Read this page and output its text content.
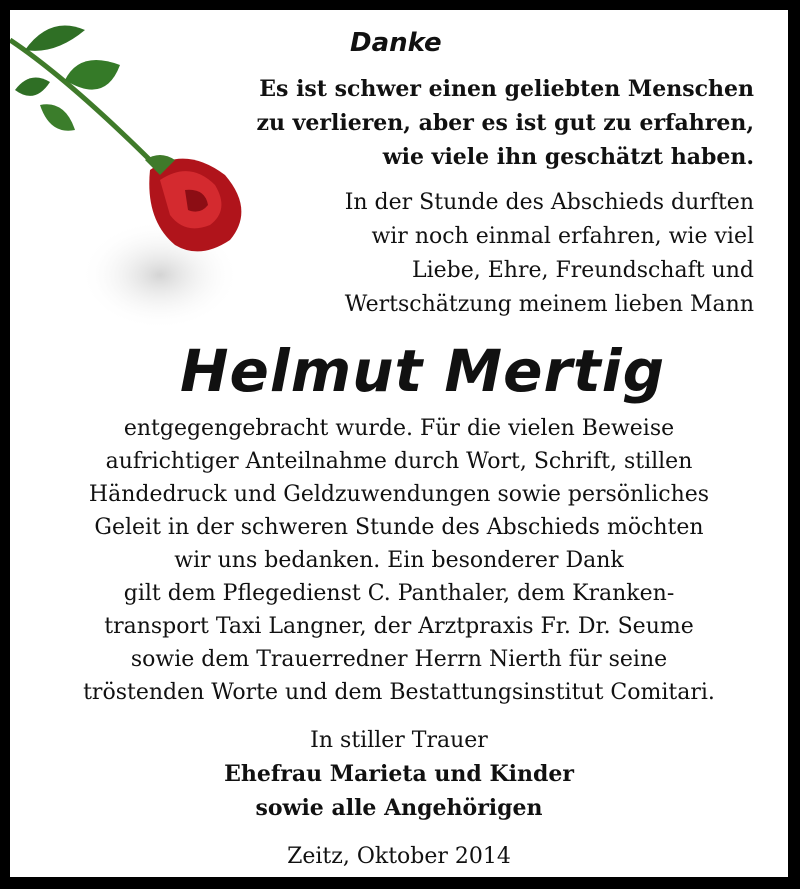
Danke

Es ist schwer einen geliebten Menschen

zu verlieren, aber es ist gut zu erfahren,

wie viele ihn geschätzt haben.

In der Stunde des Abschieds durften

wir noch einmal erfahren, wie viel

Liebe, Ehre, Freundschaft und

Wertschätzung meinem lieben Mann

Helmut Mertig

entgegengebracht wurde. Für die vielen Beweise

aufrichtiger Anteilnahme durch Wort, Schrift, stillen

Händedruck und Geldzuwendungen sowie persönliches

Geleit in der schweren Stunde des Abschieds möchten

wir uns bedanken. Ein besonderer Dank

gilt dem Pflegedienst C. Panthaler, dem Kranken-

transport Taxi Langner, der Arztpraxis Fr. Dr. Seume

sowie dem Trauerredner Herrn Nierth für seine

tröstenden Worte und dem Bestattungsinstitut Comitari.

In stiller Trauer

Ehefrau Marieta und Kinder

sowie alle Angehörigen

Zeitz, Oktober 2014
